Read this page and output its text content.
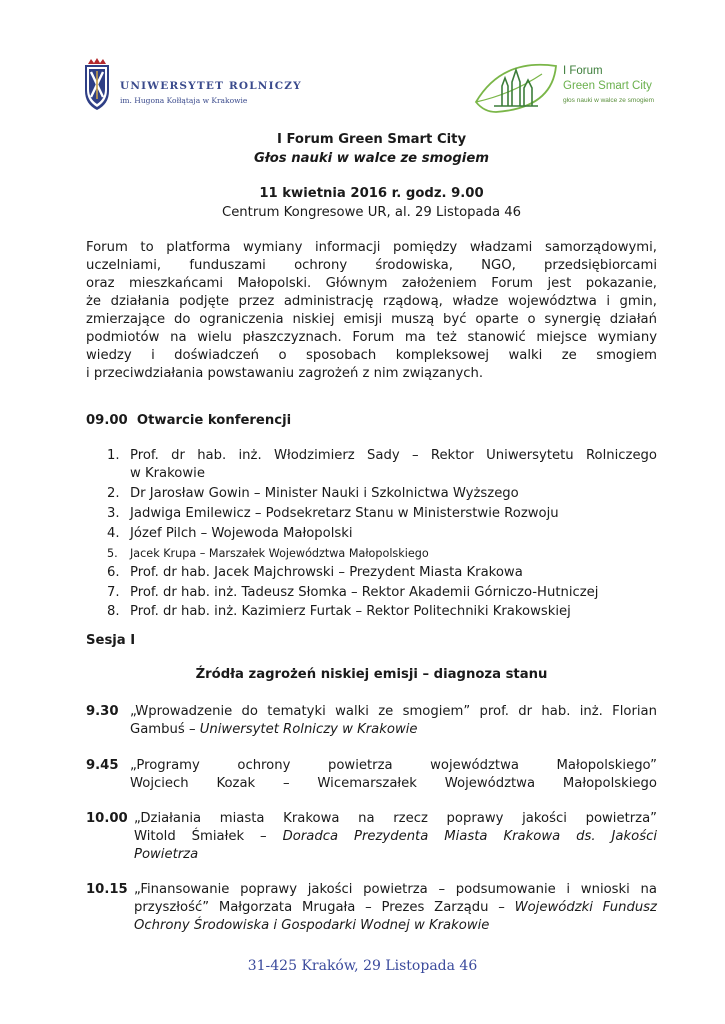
UNIWERSYTET ROLNICZY
im. Hugona Kołłątaja w Krakowie
I Forum
Green Smart City
głos nauki w walce ze smogiem
I Forum Green Smart City
Głos nauki w walce ze smogiem
11 kwietnia 2016 r. godz. 9.00
Centrum Kongresowe UR, al. 29 Listopada 46
Forum to platforma wymiany informacji pomiędzy władzami samorządowymi,
uczelniami, funduszami ochrony środowiska, NGO, przedsiębiorcami
oraz mieszkańcami Małopolski. Głównym założeniem Forum jest pokazanie,
że działania podjęte przez administrację rządową, władze województwa i gmin,
zmierzające do ograniczenia niskiej emisji muszą być oparte o synergię działań
podmiotów na wielu płaszczyznach. Forum ma też stanowić miejsce wymiany
wiedzy i doświadczeń o sposobach kompleksowej walki ze smogiem
i przeciwdziałania powstawaniu zagrożeń z nim związanych.
09.00 Otwarcie konferencji
1. Prof. dr hab. inż. Włodzimierz Sady – Rektor Uniwersytetu Rolniczego
w Krakowie
2. Dr Jarosław Gowin – Minister Nauki i Szkolnictwa Wyższego
3. Jadwiga Emilewicz – Podsekretarz Stanu w Ministerstwie Rozwoju
4. Józef Pilch – Wojewoda Małopolski
5.	Jacek Krupa – Marszałek Województwa Małopolskiego
6. Prof. dr hab. Jacek Majchrowski – Prezydent Miasta Krakowa
7. Prof. dr hab. inż. Tadeusz Słomka – Rektor Akademii Górniczo-Hutniczej
8. Prof. dr hab. inż. Kazimierz Furtak – Rektor Politechniki Krakowskiej
Sesja I
Źródła zagrożeń niskiej emisji – diagnoza stanu
9.30 „Wprowadzenie do tematyki walki ze smogiem” prof. dr hab. inż. Florian
Gambuś – Uniwersytet Rolniczy w Krakowie
9.45 „Programy ochrony powietrza województwa Małopolskiego”
Wojciech Kozak – Wicemarszałek Województwa Małopolskiego
10.00 „Działania miasta Krakowa na rzecz poprawy jakości powietrza”
Witold Śmiałek – Doradca Prezydenta Miasta Krakowa ds. Jakości
Powietrza
10.15 „Finansowanie poprawy jakości powietrza – podsumowanie i wnioski na
przyszłość” Małgorzata Mrugała – Prezes Zarządu – Wojewódzki Fundusz
Ochrony Środowiska i Gospodarki Wodnej w Krakowie
31-425 Kraków, 29 Listopada 46
